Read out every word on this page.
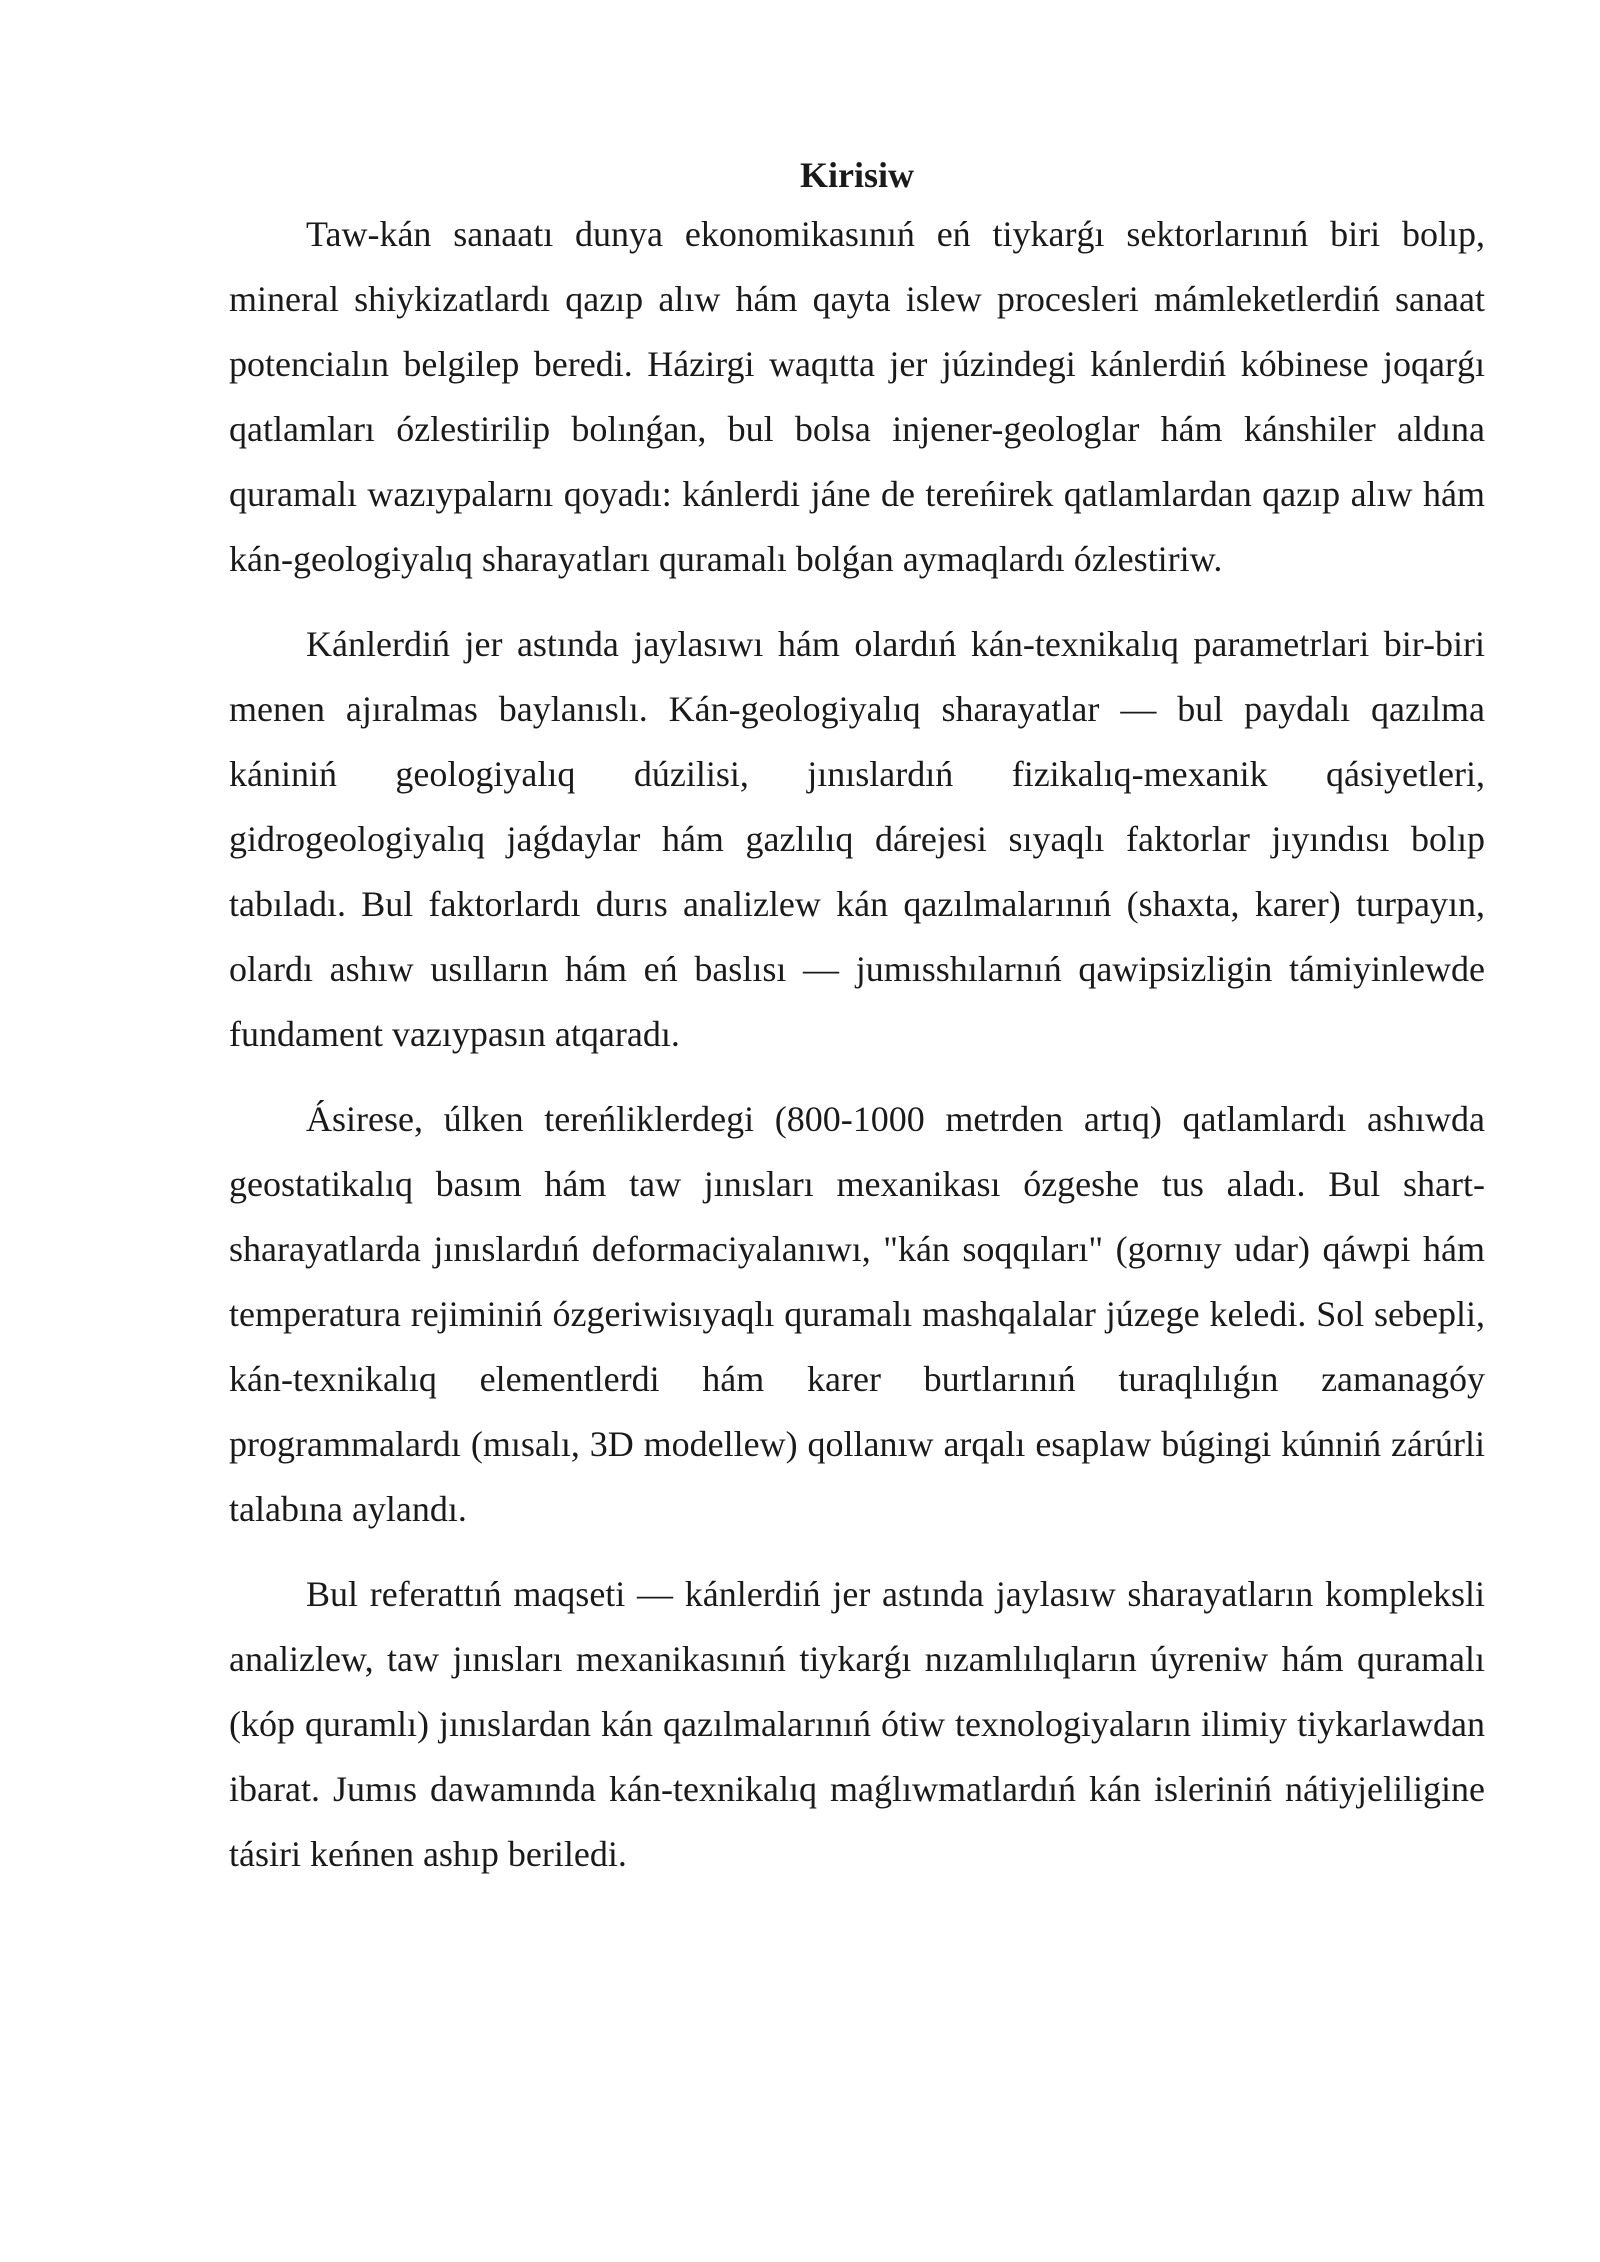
Kirisiw

Taw-kán sanaatı dunya ekonomikasınıń eń tiykarǵı sektorlarınıń biri bolıp, mineral shiykizatlardı qazıp alıw hám qayta islew procesleri mámleketlerdiń sanaat potencialın belgilep beredi. Házirgi waqıtta jer júzindegi kánlerdiń kóbinese joqarǵı qatlamları ózlestirilip bolınǵan, bul bolsa injener-geologlar hám kánshiler aldına quramalı wazıypalarnı qoyadı: kánlerdi jáne de tereńirek qatlamlardan qazıp alıw hám kán-geologiyalıq sharayatları quramalı bolǵan aymaqlardı ózlestiriw.

Kánlerdiń jer astında jaylasıwı hám olardıń kán-texnikalıq parametrlari bir-biri menen ajıralmas baylanıslı. Kán-geologiyalıq sharayatlar — bul paydalı qazılma kániniń geologiyalıq dúzilisi, jınıslardıń fizikalıq-mexanik qásiyetleri, gidrogeologiyalıq jaǵdaylar hám gazlılıq dárejesi sıyaqlı faktorlar jıyındısı bolıp tabıladı. Bul faktorlardı durıs analizlew kán qazılmalarınıń (shaxta, karer) turpayın, olardı ashıw usılların hám eń baslısı — jumısshılarnıń qawipsizligin támiyinlewde fundament vazıypasın atqaradı.

Ásirese, úlken tereńliklerdegi (800-1000 metrden artıq) qatlamlardı ashıwda geostatikalıq basım hám taw jınısları mexanikası ózgeshe tus aladı. Bul shart-sharayatlarda jınıslardıń deformaciyalanıwı, "kán soqqıları" (gornıy udar) qáwpi hám temperatura rejiminiń ózgeriwisıyaqlı quramalı mashqalalar júzege keledi. Sol sebepli, kán-texnikalıq elementlerdi hám karer burtlarınıń turaqlılıǵın zamanagóy programmalardı (mısalı, 3D modellew) qollanıw arqalı esaplaw búgingi kúnniń zárúrli talabına aylandı.

Bul referattıń maqseti — kánlerdiń jer astında jaylasıw sharayatların kompleksli analizlew, taw jınısları mexanikasınıń tiykarǵı nızamlılıqların úyreniw hám quramalı (kóp quramlı) jınıslardan kán qazılmalarınıń ótiw texnologiyaların ilimiy tiykarlawdan ibarat. Jumıs dawamında kán-texnikalıq maǵlıwmatlardıń kán isleriniń nátiyjeliligine tásiri keńnen ashıp beriledi.
